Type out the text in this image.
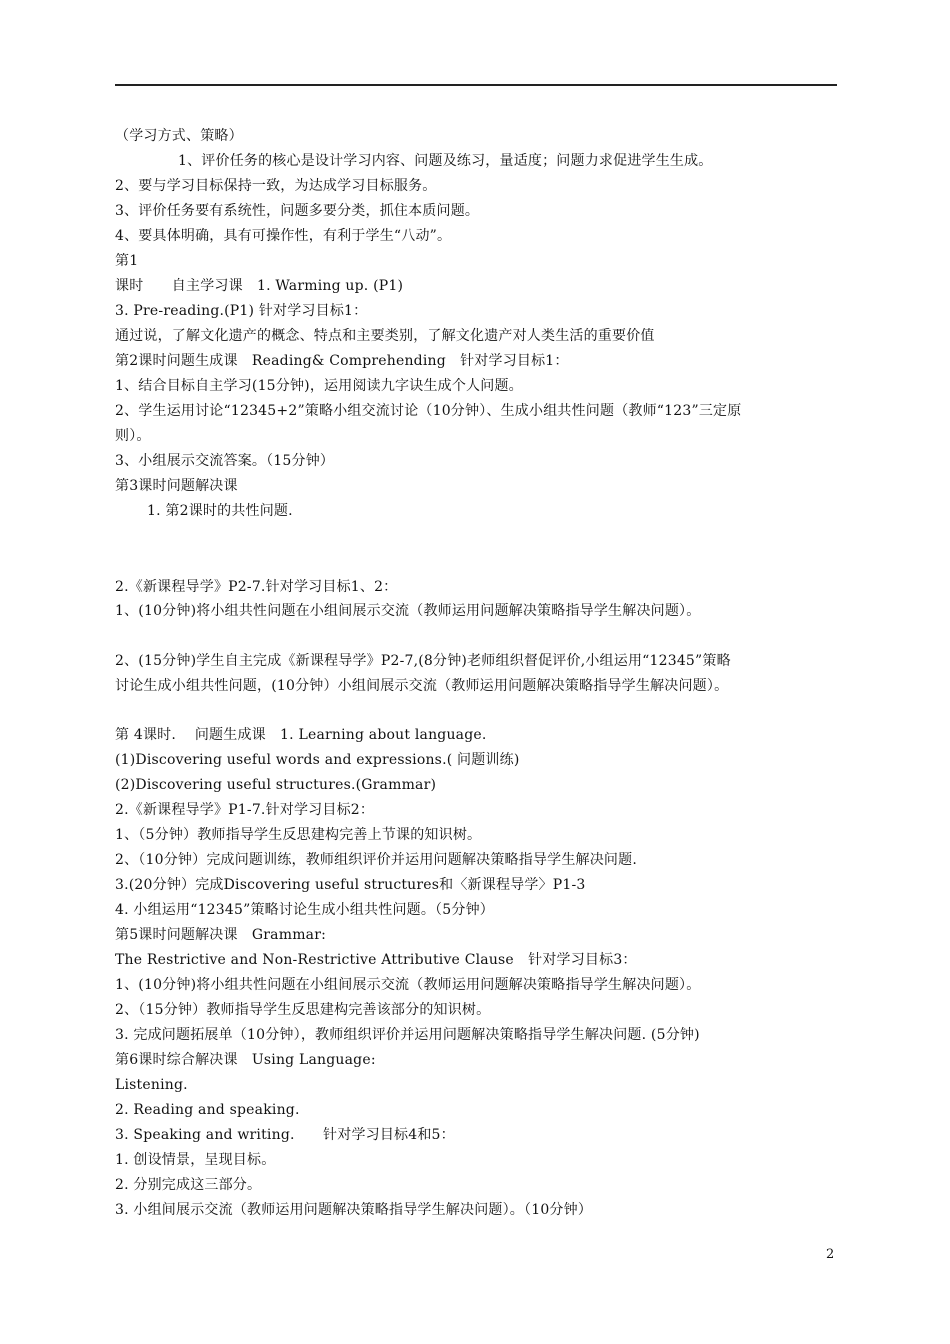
（学习方式、策略）
1、评价任务的核心是设计学习内容、问题及练习，量适度；问题力求促进学生生成。
2、要与学习目标保持一致，为达成学习目标服务。
3、评价任务要有系统性，问题多要分类，抓住本质问题。
4、要具体明确，具有可操作性，有利于学生“八动”。
第1
课时　　自主学习课　1. Warming up. (P1)
3. Pre-reading.(P1) 针对学习目标1：
通过说，了解文化遗产的概念、特点和主要类别，了解文化遗产对人类生活的重要价值
第2课时问题生成课　Reading& Comprehending　针对学习目标1：
1、结合目标自主学习(15分钟)，运用阅读九字诀生成个人问题。
2、学生运用讨论“12345+2”策略小组交流讨论（10分钟）、生成小组共性问题（教师“123”三定原
则）。
3、小组展示交流答案。（15分钟）
第3课时问题解决课
1. 第2课时的共性问题.
2.《新课程导学》P2-7.针对学习目标1、2：
1、(10分钟)将小组共性问题在小组间展示交流（教师运用问题解决策略指导学生解决问题）。
2、(15分钟)学生自主完成《新课程导学》P2-7,(8分钟)老师组织督促评价,小组运用“12345”策略
讨论生成小组共性问题，(10分钟）小组间展示交流（教师运用问题解决策略指导学生解决问题）。
第 4课时.　 问题生成课　1. Learning about language.
(1)Discovering useful words and expressions.( 问题训练)
(2)Discovering useful structures.(Grammar)
2.《新课程导学》P1-7.针对学习目标2：
1、（5分钟）教师指导学生反思建构完善上节课的知识树。
2、（10分钟）完成问题训练，教师组织评价并运用问题解决策略指导学生解决问题.
3.(20分钟）完成Discovering useful structures和〈新课程导学〉P1-3
4. 小组运用“12345”策略讨论生成小组共性问题。（5分钟）
第5课时问题解决课　Grammar:
The Restrictive and Non-Restrictive Attributive Clause　针对学习目标3：
1、(10分钟)将小组共性问题在小组间展示交流（教师运用问题解决策略指导学生解决问题）。
2、（15分钟）教师指导学生反思建构完善该部分的知识树。
3. 完成问题拓展单（10分钟），教师组织评价并运用问题解决策略指导学生解决问题. (5分钟)
第6课时综合解决课　Using Language:
Listening.
2. Reading and speaking.
3. Speaking and writing.　　针对学习目标4和5：
1. 创设情景，呈现目标。
2. 分别完成这三部分。
3. 小组间展示交流（教师运用问题解决策略指导学生解决问题）。（10分钟）
2
